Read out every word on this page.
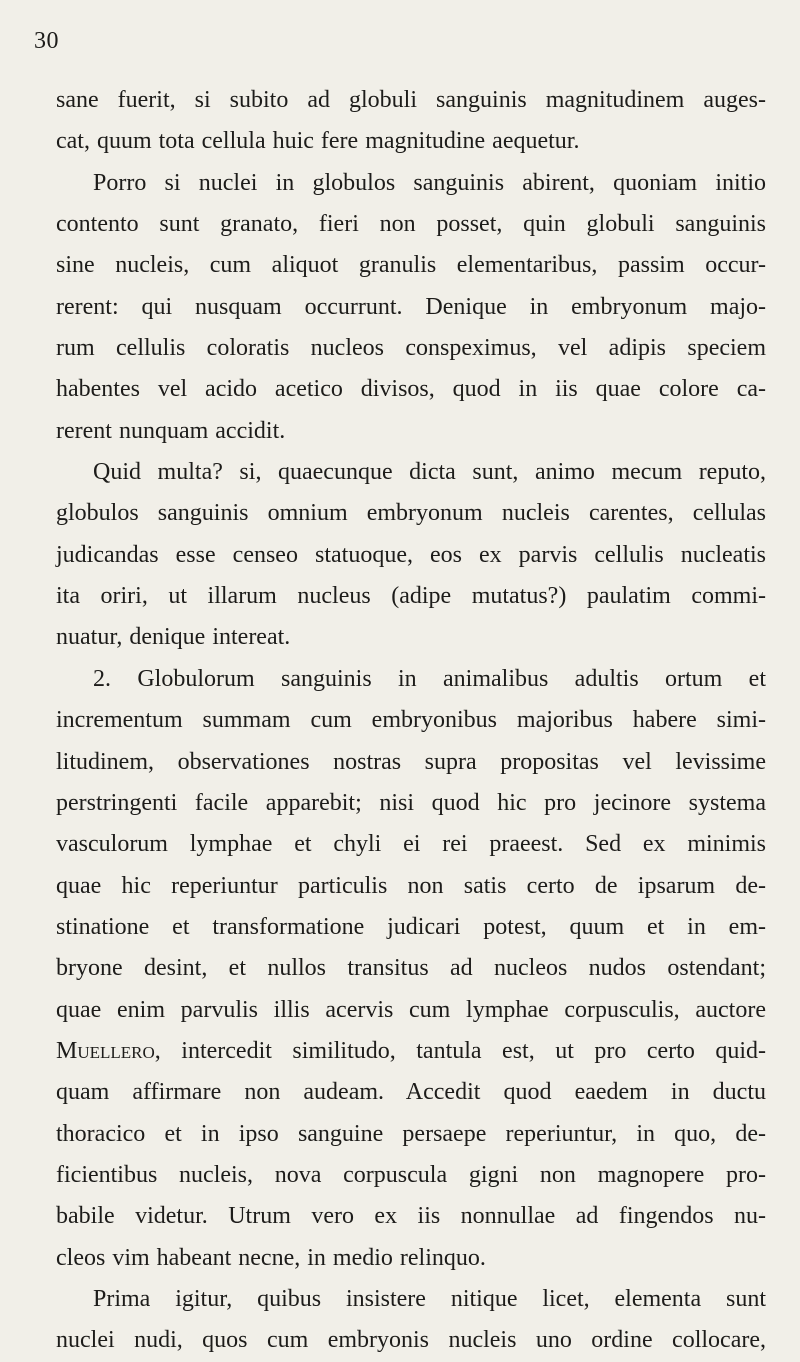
30
sane fuerit, si subito ad globuli sanguinis magnitudinem auges-
cat, quum tota cellula huic fere magnitudine aequetur.
Porro si nuclei in globulos sanguinis abirent, quoniam initio
contento sunt granato, fieri non posset, quin globuli sanguinis
sine nucleis, cum aliquot granulis elementaribus, passim occur-
rerent: qui nusquam occurrunt. Denique in embryonum majo-
rum cellulis coloratis nucleos conspeximus, vel adipis speciem
habentes vel acido acetico divisos, quod in iis quae colore ca-
rerent nunquam accidit.
Quid multa? si, quaecunque dicta sunt, animo mecum reputo,
globulos sanguinis omnium embryonum nucleis carentes, cellulas
judicandas esse censeo statuoque, eos ex parvis cellulis nucleatis
ita oriri, ut illarum nucleus (adipe mutatus?) paulatim commi-
nuatur, denique intereat.
2. Globulorum sanguinis in animalibus adultis ortum et
incrementum summam cum embryonibus majoribus habere simi-
litudinem, observationes nostras supra propositas vel levissime
perstringenti facile apparebit; nisi quod hic pro jecinore systema
vasculorum lymphae et chyli ei rei praeest. Sed ex minimis
quae hic reperiuntur particulis non satis certo de ipsarum de-
stinatione et transformatione judicari potest, quum et in em-
bryone desint, et nullos transitus ad nucleos nudos ostendant;
quae enim parvulis illis acervis cum lymphae corpusculis, auctore
Muellero, intercedit similitudo, tantula est, ut pro certo quid-
quam affirmare non audeam. Accedit quod eaedem in ductu
thoracico et in ipso sanguine persaepe reperiuntur, in quo, de-
ficientibus nucleis, nova corpuscula gigni non magnopere pro-
babile videtur. Utrum vero ex iis nonnullae ad fingendos nu-
cleos vim habeant necne, in medio relinquo.
Prima igitur, quibus insistere nitique licet, elementa sunt
nuclei nudi, quos cum embryonis nucleis uno ordine collocare,
